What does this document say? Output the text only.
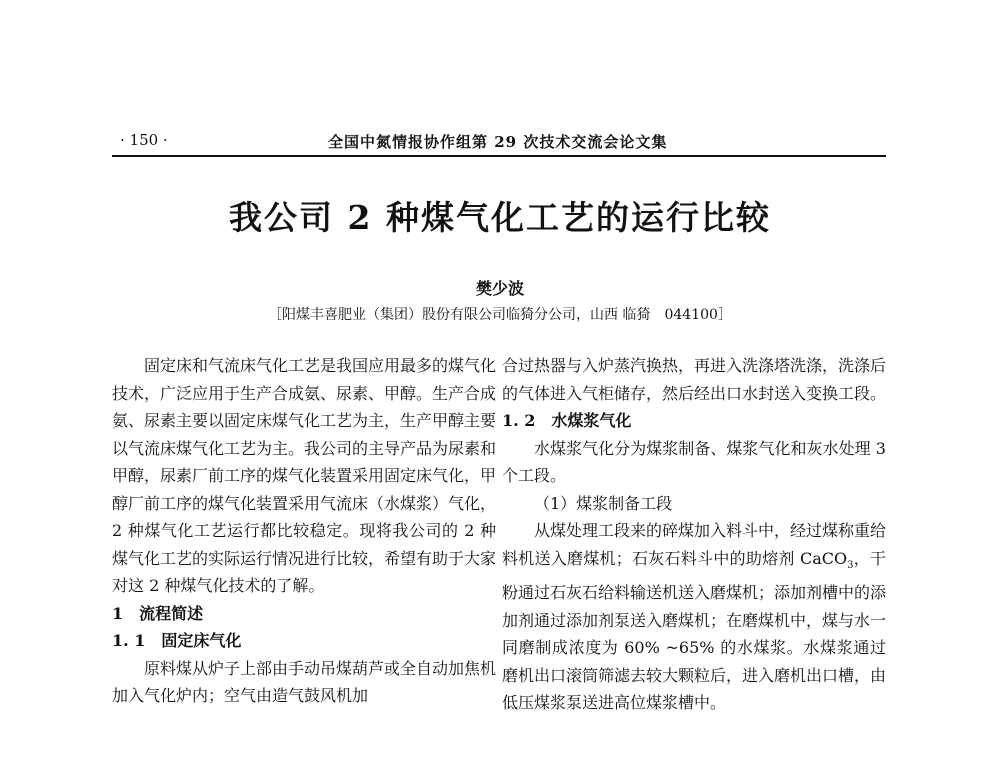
· 150 ·	全国中氮情报协作组第 29 次技术交流会论文集
我公司 2 种煤气化工艺的运行比较
樊少波
［阳煤丰喜肥业（集团）股份有限公司临猗分公司，山西 临猗　044100］

固定床和气流床气化工艺是我国应用最多的煤气化技术，广泛应用于生产合成氨、尿素、甲醇。生产合成氨、尿素主要以固定床煤气化工艺为主，生产甲醇主要以气流床煤气化工艺为主。我公司的主导产品为尿素和甲醇，尿素厂前工序的煤气化装置采用固定床气化，甲醇厂前工序的煤气化装置采用气流床（水煤浆）气化，2 种煤气化工艺运行都比较稳定。现将我公司的 2 种煤气化工艺的实际运行情况进行比较，希望有助于大家对这 2 种煤气化技术的了解。

1　流程简述

1. 1　固定床气化

原料煤从炉子上部由手动吊煤葫芦或全自动加焦机加入气化炉内；空气由造气鼓风机加

合过热器与入炉蒸汽换热，再进入洗涤塔洗涤，洗涤后的气体进入气柜储存，然后经出口水封送入变换工段。

1. 2　水煤浆气化

水煤浆气化分为煤浆制备、煤浆气化和灰水处理 3 个工段。

（1）煤浆制备工段

从煤处理工段来的碎煤加入料斗中，经过煤称重给料机送入磨煤机；石灰石料斗中的助熔剂 CaCO$_3$，干粉通过石灰石给料输送机送入磨煤机；添加剂槽中的添加剂通过添加剂泵送入磨煤机；在磨煤机中，煤与水一同磨制成浓度为 60% ~65% 的水煤浆。水煤浆通过磨机出口滚筒筛滤去较大颗粒后，进入磨机出口槽，由低压煤浆泵送进高位煤浆槽中。
